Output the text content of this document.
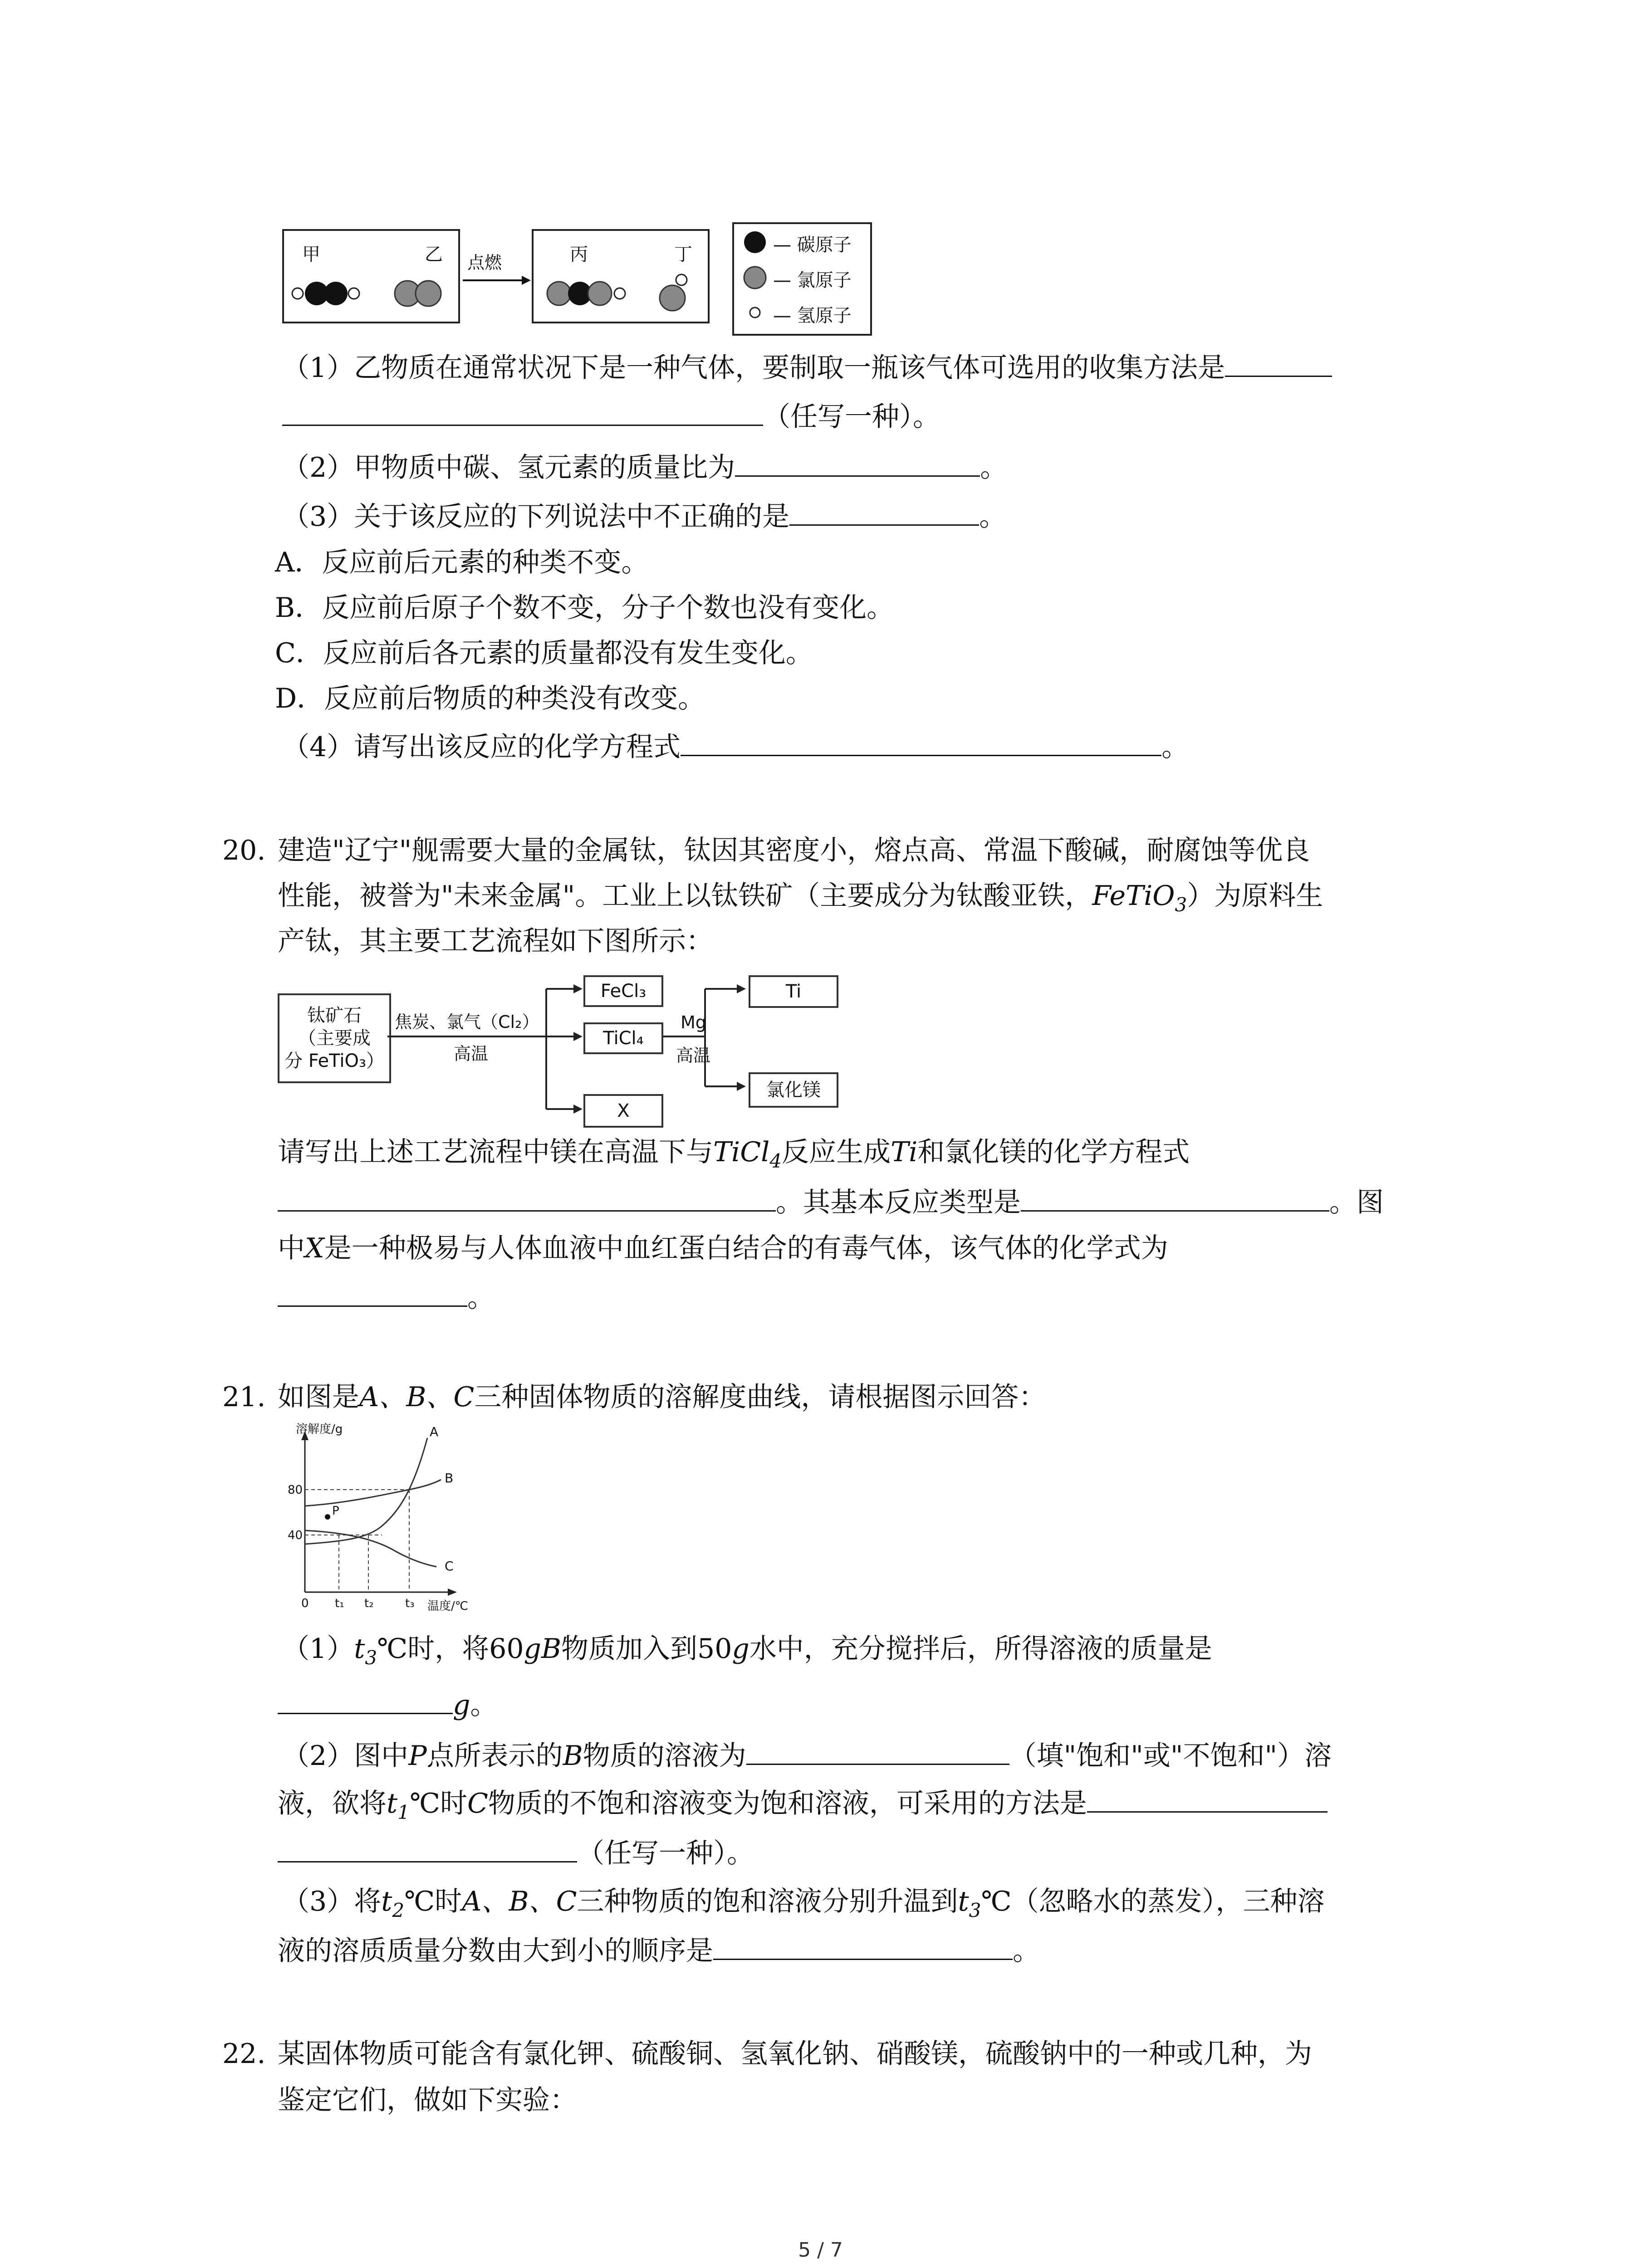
甲	乙 点燃	丙	丁	— 碳原子
— 氯原子
— 氢原子
（1）乙物质在通常状况下是一种气体，要制取一瓶该气体可选用的收集方法是
（任写一种）。
（2）甲物质中碳、氢元素的质量比为	。
（3）关于该反应的下列说法中不正确的是	。
A．反应前后元素的种类不变。
B．反应前后原子个数不变，分子个数也没有变化。
C．反应前后各元素的质量都没有发生变化。
D．反应前后物质的种类没有改变。
（4）请写出该反应的化学方程式	。
20. 建造"辽宁"舰需要大量的金属钛，钛因其密度小，熔点高、常温下酸碱，耐腐蚀等优良
性能，被誉为"未来金属"。工业上以钛铁矿（主要成分为钛酸亚铁，FeTiO$_3$）为原料生
产钛，其主要工艺流程如下图所示：
钛矿石
（主要成
分 FeTiO₃）
焦炭、氯气（Cl₂）
高温
FeCl₃
TiCl₄
X
Mg
高温
Ti
氯化镁
请写出上述工艺流程中镁在高温下与TiCl$_4$反应生成Ti和氯化镁的化学方程式
。其基本反应类型是	。图
中X是一种极易与人体血液中血红蛋白结合的有毒气体，该气体的化学式为
。
21. 如图是A、B、C三种固体物质的溶解度曲线，请根据图示回答：
溶解度/g
温度/℃
80
40
0 t₁ t₂	t₃
A
B
C
P
$(1)t_3℃$时，将60gB物质加入到50g水中，充分搅拌后，所得溶液的质量是
g。
（2）图中P点所表示的B物质的溶液为	（填"饱和"或"不饱和"）溶
液，欲将$t_1℃$时C物质的不饱和溶液变为饱和溶液，可采用的方法是
（任写一种）。
（3）将$t_2℃$时A、B、C三种物质的饱和溶液分别升温到$t_3℃$（忽略水的蒸发），三种溶
液的溶质质量分数由大到小的顺序是	。
22. 某固体物质可能含有氯化钾、硫酸铜、氢氧化钠、硝酸镁，硫酸钠中的一种或几种，为
鉴定它们，做如下实验：
5 / 7
